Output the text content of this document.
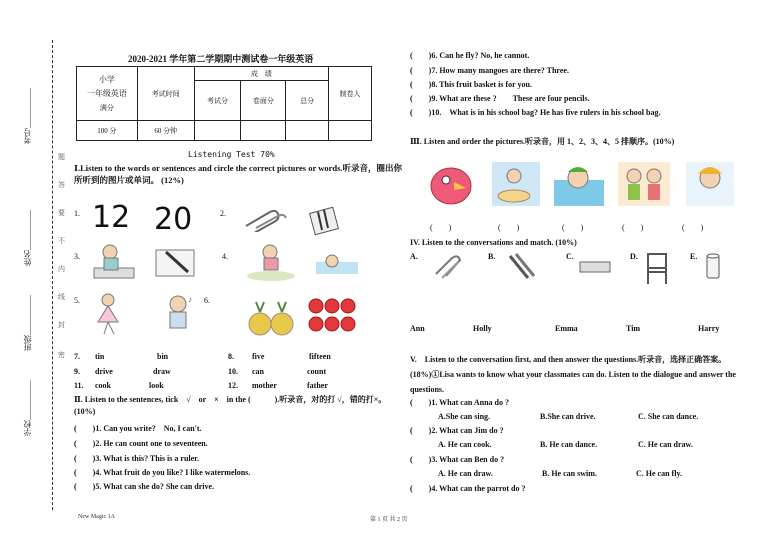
学校__________
班级__________
姓名__________
考号__________
密
封
线
内
不
要
答
题
2020-2021 学年第二学期期中测试卷一年级英语
小学
一年级英语
满分	考试时间	成　绩			制卷人
		考试分	卷面分	总分	

100 分	60 分钟				
Listening Test 70%
Ⅰ.Listen to the words or sentences and circle the correct pictures or words.听录音，圈出你所听到的图片或单词。 (12%)
1. 12 20	2.
3.	4.
5.	6.
♪
7. tin	bin	8. five	fifteen
9. drive	draw	10. can	count
11. cook	look	12. mother	father
Ⅱ. Listen to the sentences, tick　√　or　×　in the (　　　).听录音，对的打 √，错的打×。 (10%)
(　　)1. Can you write?　No, I can't.
(　　)2. He can count one to seventeen.
(　　)3. What is this? This is a ruler.
(　　)4. What fruit do you like? I like watermelons.
(　　)5. What can she do? She can drive.
(　　)6. Can he fly? No, he cannot.
(　　)7. How many mangoes are there? Three.
(　　)8. This fruit basket is for you.
(　　)9. What are these ?　　These are four pencils.
(　　)10.　What is in his school bag? He has five rulers in his school bag.
Ⅲ. Listen and order the pictures.听录音，用 1、2、3、4、5 排顺序。(10%)
(　　)	(　　)	(　　)	(　　)	(　　)
IV. Listen to the conversations and match. (10%)
A.	B.	C.	D.	E.
Ann	Holly	Emma	Tim	Harry
V.　Listen to the conversation first, and then answer the questions.听录音，选择正确答案。(18%)①Lisa wants to know what your classmates can do. Listen to the dialogue and answer the questions.
(　　)1. What can Anna do ?
A.She can sing.	B.She can drive.	C. She can dance.
(　　)2. What can Jim do ?
A. He can cook.	B. He can dance.	C. He can draw.
(　　)3. What can Ben do ?
A. He can draw.	B. He can swim.	C. He can fly.
(　　)4. What can the parrot do ?
New Magic 1A	第 1 页 共 2 页
